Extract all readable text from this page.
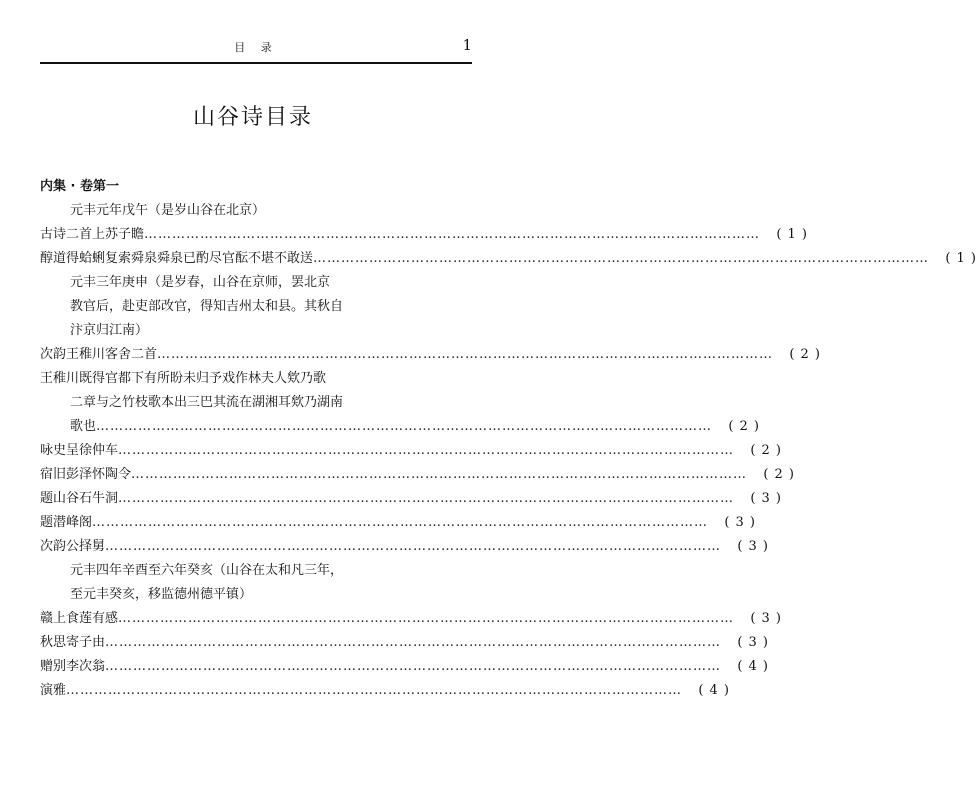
目 录	1
山谷诗目录
内集 · 卷第一
元丰元年戊午（是岁山谷在北京）
古诗二首上苏子瞻 ……………………………………………………………………………………………………………………	( 1 )
醇道得蛤蜊复索舜泉舜泉已酌尽官酝不堪不敢送 ……………………………………………………………………………………………………………………	( 1 )
元丰三年庚申（是岁春，山谷在京师，罢北京
教官后，赴吏部改官，得知吉州太和县。其秋自
汴京归江南）
次韵王稚川客舍二首 ……………………………………………………………………………………………………………………	( 2 )
王稚川既得官都下有所盼未归予戏作林夫人欸乃歌
二章与之竹枝歌本出三巴其流在湖湘耳欸乃湖南
歌也 ……………………………………………………………………………………………………………………	( 2 )
咏史呈徐仲车 ……………………………………………………………………………………………………………………	( 2 )
宿旧彭泽怀陶令 ……………………………………………………………………………………………………………………	( 2 )
题山谷石牛洞 ……………………………………………………………………………………………………………………	( 3 )
题潜峰阁 ……………………………………………………………………………………………………………………	( 3 )
次韵公择舅 ……………………………………………………………………………………………………………………	( 3 )
元丰四年辛酉至六年癸亥（山谷在太和凡三年，
至元丰癸亥，移监德州德平镇）
赣上食莲有感 ……………………………………………………………………………………………………………………	( 3 )
秋思寄子由 ……………………………………………………………………………………………………………………	( 3 )
赠别李次翁 ……………………………………………………………………………………………………………………	( 4 )
演雅 ……………………………………………………………………………………………………………………	( 4 )
